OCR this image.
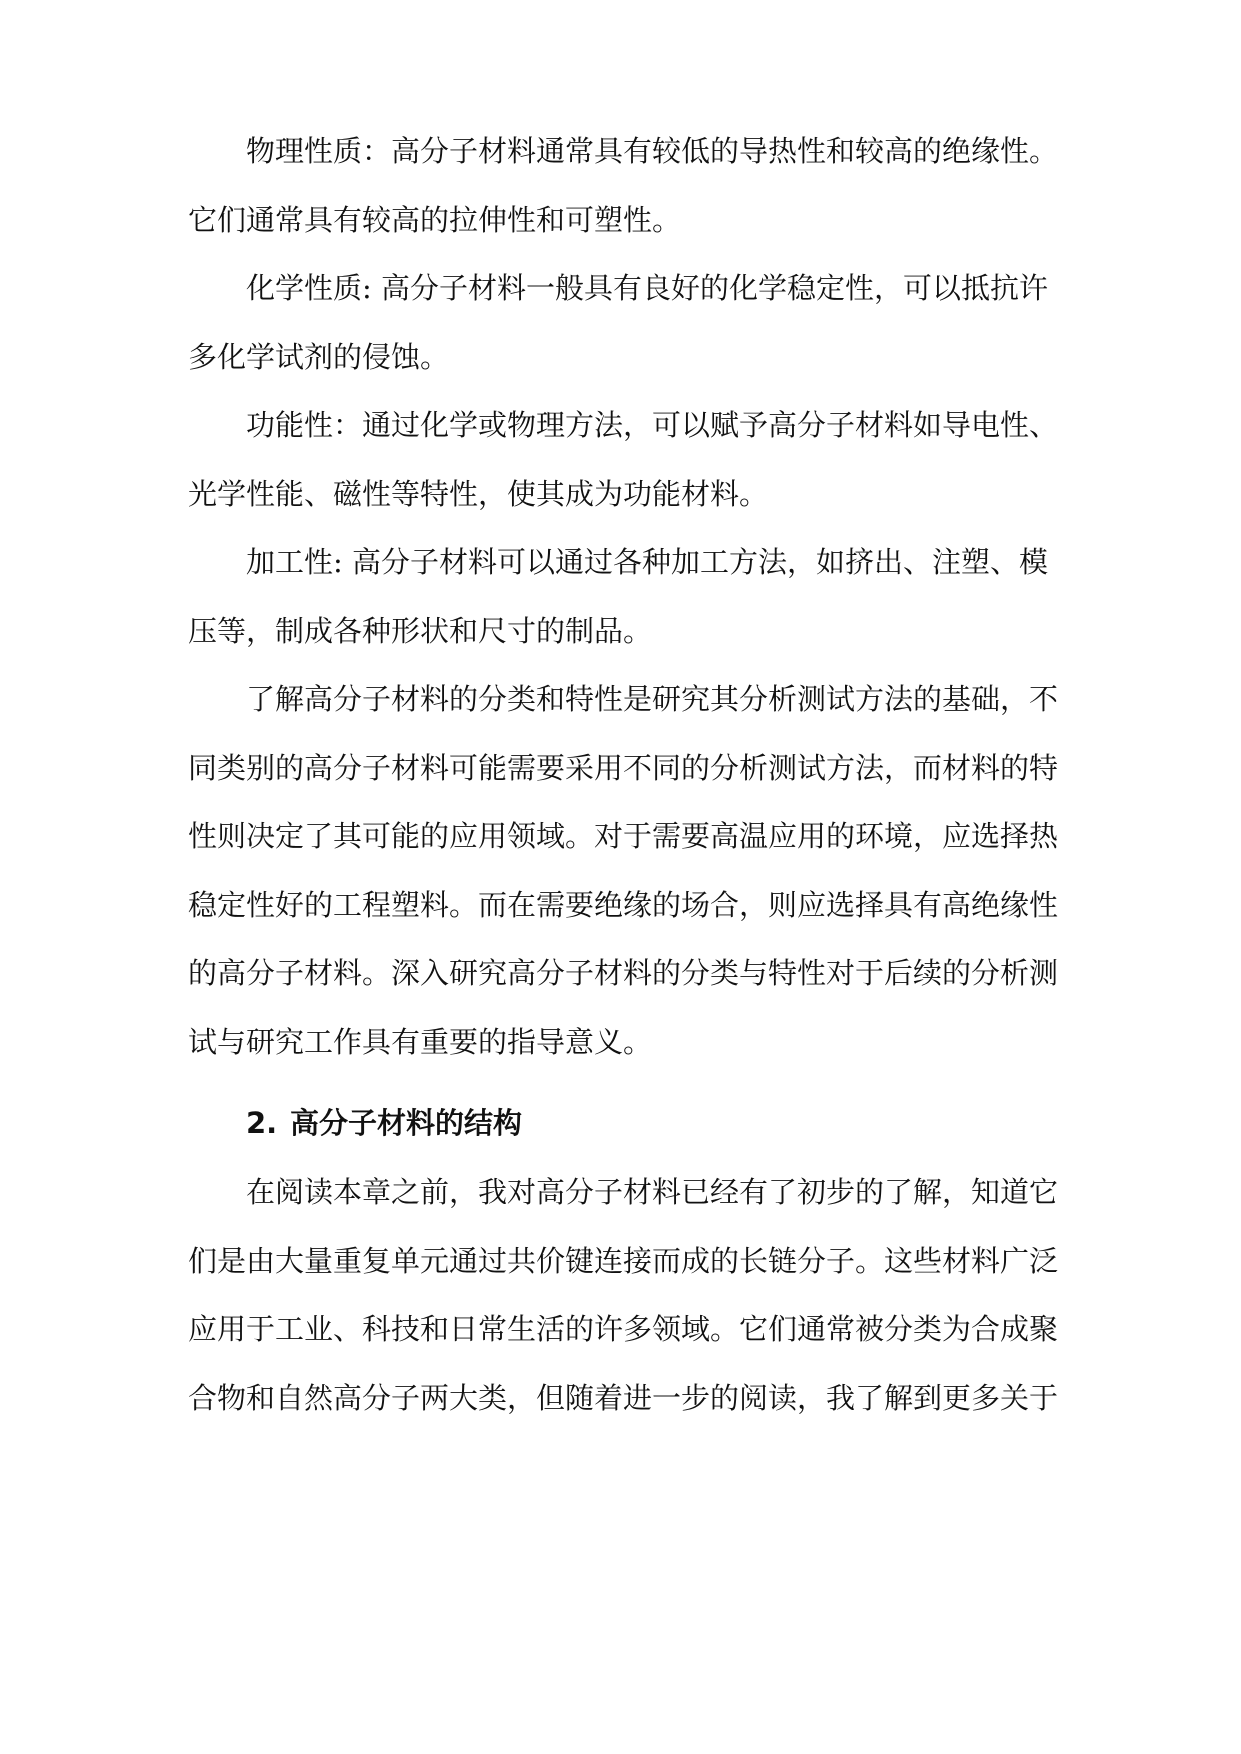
物理性质：高分子材料通常具有较低的导热性和较高的绝缘性。
它们通常具有较高的拉伸性和可塑性。
化学性质: 高分子材料一般具有良好的化学稳定性，可以抵抗许
多化学试剂的侵蚀。
功能性：通过化学或物理方法，可以赋予高分子材料如导电性、
光学性能、磁性等特性，使其成为功能材料。
加工性: 高分子材料可以通过各种加工方法，如挤出、注塑、模
压等，制成各种形状和尺寸的制品。
了解高分子材料的分类和特性是研究其分析测试方法的基础，不
同类别的高分子材料可能需要采用不同的分析测试方法，而材料的特
性则决定了其可能的应用领域。对于需要高温应用的环境，应选择热
稳定性好的工程塑料。而在需要绝缘的场合，则应选择具有高绝缘性
的高分子材料。深入研究高分子材料的分类与特性对于后续的分析测
试与研究工作具有重要的指导意义。
2. 高分子材料的结构
在阅读本章之前，我对高分子材料已经有了初步的了解，知道它
们是由大量重复单元通过共价键连接而成的长链分子。这些材料广泛
应用于工业、科技和日常生活的许多领域。它们通常被分类为合成聚
合物和自然高分子两大类，但随着进一步的阅读，我了解到更多关于
